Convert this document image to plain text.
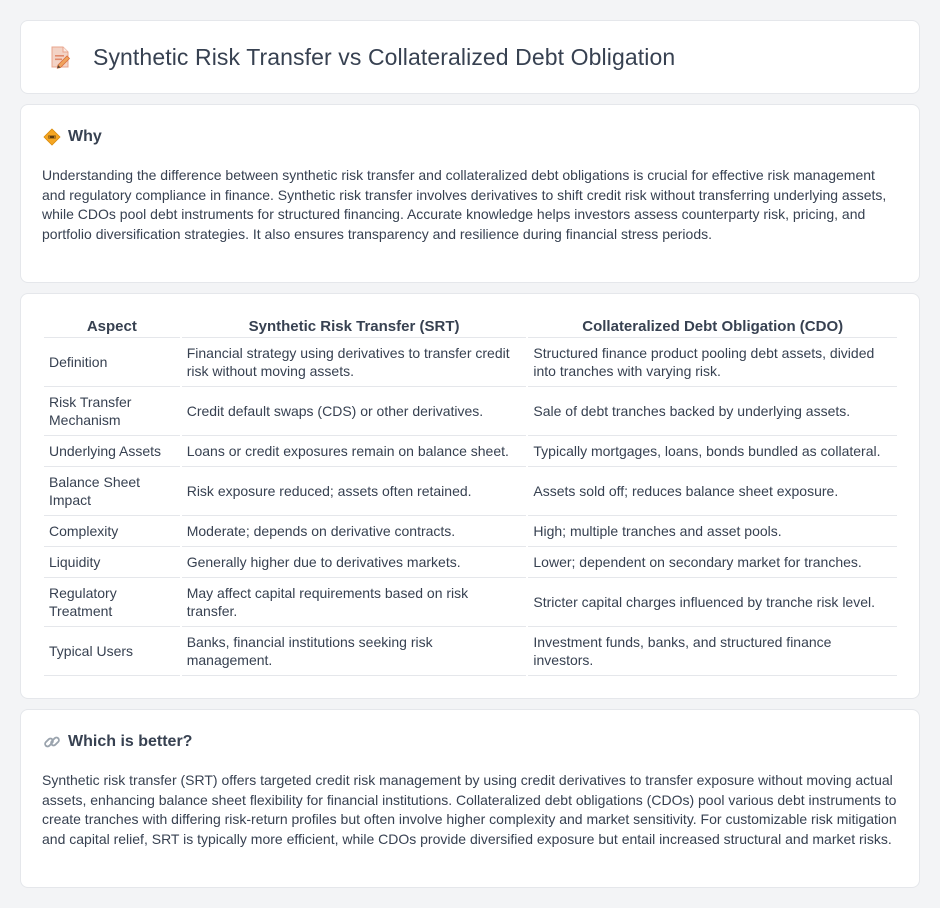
Synthetic Risk Transfer vs Collateralized Debt Obligation
Why

Understanding the difference between synthetic risk transfer and collateralized debt obligations is crucial for effective risk management and regulatory compliance in finance. Synthetic risk transfer involves derivatives to shift credit risk without transferring underlying assets, while CDOs pool debt instruments for structured financing. Accurate knowledge helps investors assess counterparty risk, pricing, and portfolio diversification strategies. It also ensures transparency and resilience during financial stress periods.

Aspect	Synthetic Risk Transfer (SRT)	Collateralized Debt Obligation (CDO)
Definition	Financial strategy using derivatives to transfer credit risk without moving assets.	Structured finance product pooling debt assets, divided into tranches with varying risk.
Risk Transfer Mechanism	Credit default swaps (CDS) or other derivatives.	Sale of debt tranches backed by underlying assets.
Underlying Assets	Loans or credit exposures remain on balance sheet.	Typically mortgages, loans, bonds bundled as collateral.
Balance Sheet Impact	Risk exposure reduced; assets often retained.	Assets sold off; reduces balance sheet exposure.
Complexity	Moderate; depends on derivative contracts.	High; multiple tranches and asset pools.
Liquidity	Generally higher due to derivatives markets.	Lower; dependent on secondary market for tranches.
Regulatory Treatment	May affect capital requirements based on risk transfer.	Stricter capital charges influenced by tranche risk level.
Typical Users	Banks, financial institutions seeking risk management.	Investment funds, banks, and structured finance investors.
Which is better?

Synthetic risk transfer (SRT) offers targeted credit risk management by using credit derivatives to transfer exposure without moving actual assets, enhancing balance sheet flexibility for financial institutions. Collateralized debt obligations (CDOs) pool various debt instruments to create tranches with differing risk-return profiles but often involve higher complexity and market sensitivity. For customizable risk mitigation and capital relief, SRT is typically more efficient, while CDOs provide diversified exposure but entail increased structural and market risks.
